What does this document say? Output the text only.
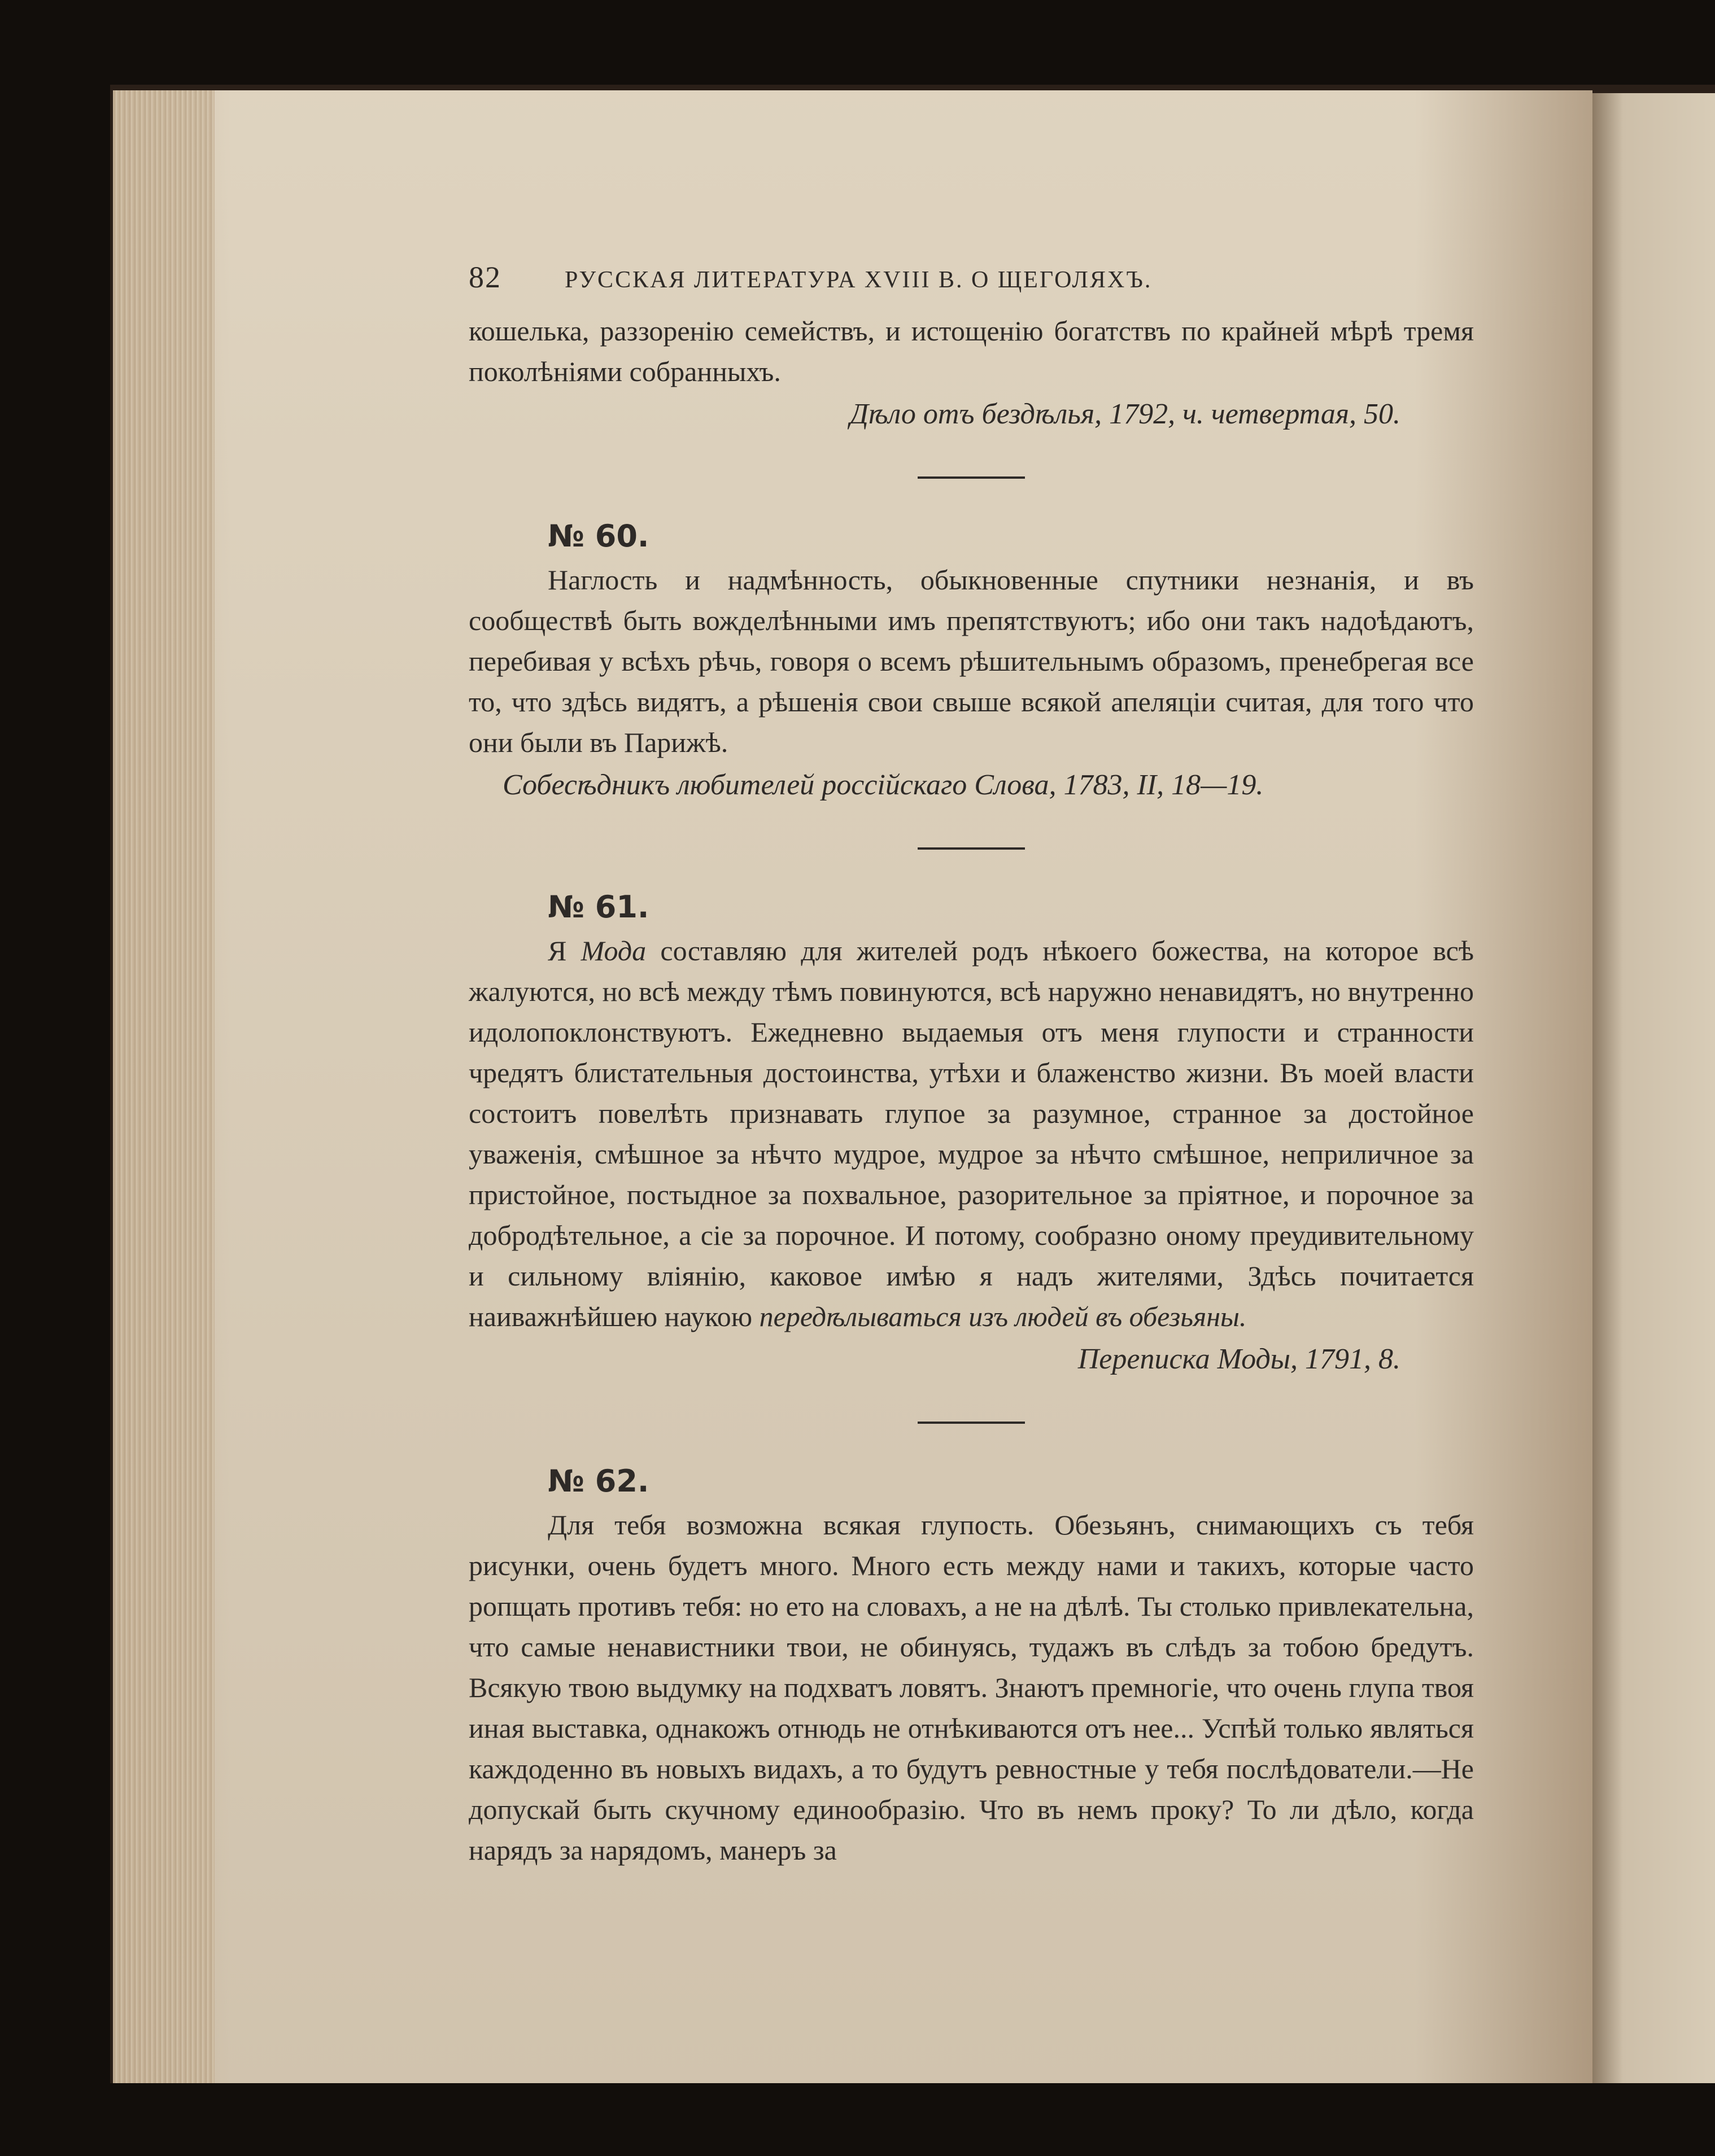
82	РУССКАЯ ЛИТЕРАТУРА XVIII В. О ЩЕГОЛЯХЪ.

кошелька, раззоренію семействъ, и истощенію богатствъ по крайней мѣрѣ тремя поколѣніями собранныхъ.

Дѣло отъ бездѣлья, 1792, ч. четвертая, 50.

№ 60.

Наглость и надмѣнность, обыкновенные спутники незнанія, и въ сообществѣ быть вожделѣнными имъ препятствуютъ; ибо они такъ надоѣдаютъ, перебивая у всѣхъ рѣчь, говоря о всемъ рѣшительнымъ образомъ, пренебрегая все то, что здѣсь видятъ, а рѣшенія свои свыше всякой апеляціи считая, для того что они были въ Парижѣ.

Собесѣдникъ любителей россійскаго Слова, 1783, II, 18—19.

№ 61.

Я Мода составляю для жителей родъ нѣкоего божества, на которое всѣ жалуются, но всѣ между тѣмъ повинуются, всѣ наружно ненавидятъ, но внутренно идолопоклонствуютъ. Ежедневно выдаемыя отъ меня глупости и странности чредятъ блистательныя достоинства, утѣхи и блаженство жизни. Въ моей власти состоитъ повелѣть признавать глупое за разумное, странное за достойное уваженія, смѣшное за нѣчто мудрое, мудрое за нѣчто смѣшное, неприличное за пристойное, постыдное за похвальное, разорительное за пріятное, и порочное за добродѣтельное, а сіе за порочное. И потому, сообразно оному преудивительному и сильному вліянію, каковое имѣю я надъ жителями, Здѣсь почитается наиважнѣйшею наукою передѣлываться изъ людей въ обезьяны.

Переписка Моды, 1791, 8.

№ 62.

Для тебя возможна всякая глупость. Обезьянъ, снимающихъ съ тебя рисунки, очень будетъ много. Много есть между нами и такихъ, которые часто ропщать противъ тебя: но ето на словахъ, а не на дѣлѣ. Ты столько привлекательна, что самые ненавистники твои, не обинуясь, тудажъ въ слѣдъ за тобою бредутъ. Всякую твою выдумку на подхватъ ловятъ. Знаютъ премногіе, что очень глупа твоя иная выставка, однакожъ отнюдь не отнѣкиваются отъ нее... Успѣй только являться каждоденно въ новыхъ видахъ, а то будутъ ревностные у тебя послѣдователи.—Не допускай быть скучному единообразію. Что въ немъ проку? То ли дѣло, когда нарядъ за нарядомъ, манеръ за
